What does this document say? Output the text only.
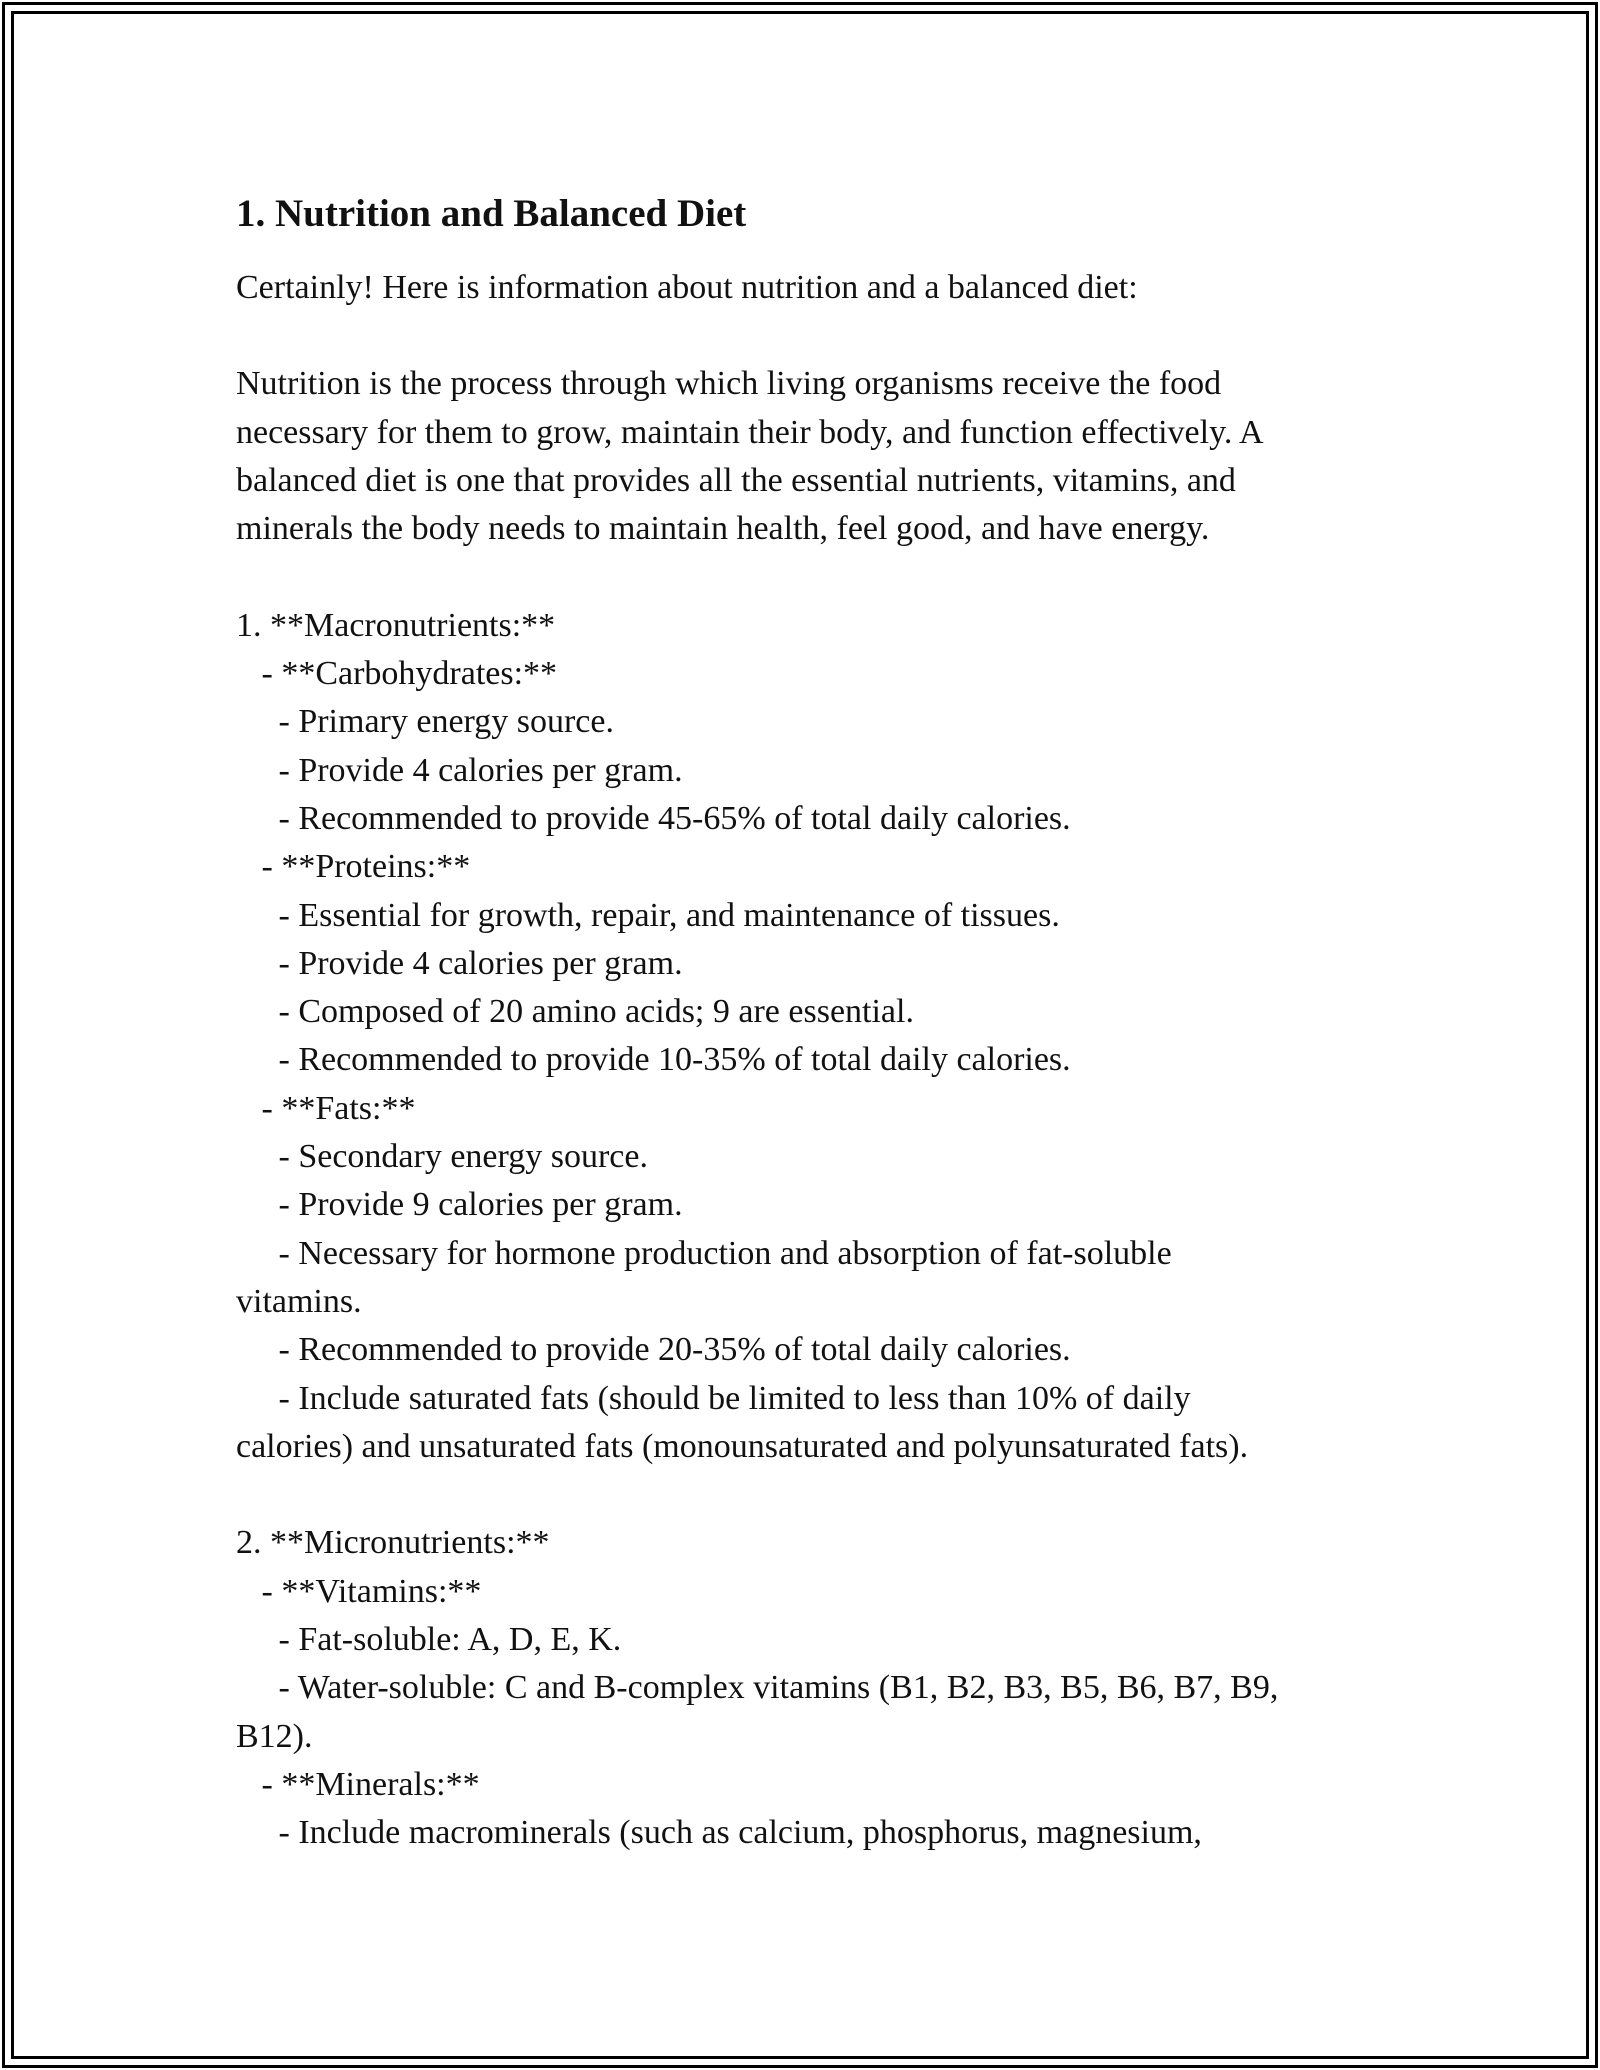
1. Nutrition and Balanced Diet

Certainly! Here is information about nutrition and a balanced diet:

Nutrition is the process through which living organisms receive the food
necessary for them to grow, maintain their body, and function effectively. A
balanced diet is one that provides all the essential nutrients, vitamins, and
minerals the body needs to maintain health, feel good, and have energy.
1. **Macronutrients:**
- **Carbohydrates:**
- Primary energy source.
- Provide 4 calories per gram.
- Recommended to provide 45-65% of total daily calories.
- **Proteins:**
- Essential for growth, repair, and maintenance of tissues.
- Provide 4 calories per gram.
- Composed of 20 amino acids; 9 are essential.
- Recommended to provide 10-35% of total daily calories.
- **Fats:**
- Secondary energy source.
- Provide 9 calories per gram.
- Necessary for hormone production and absorption of fat-soluble
vitamins.
- Recommended to provide 20-35% of total daily calories.
- Include saturated fats (should be limited to less than 10% of daily
calories) and unsaturated fats (monounsaturated and polyunsaturated fats).
2. **Micronutrients:**
- **Vitamins:**
- Fat-soluble: A, D, E, K.
- Water-soluble: C and B-complex vitamins (B1, B2, B3, B5, B6, B7, B9,
B12).
- **Minerals:**
- Include macrominerals (such as calcium, phosphorus, magnesium,
